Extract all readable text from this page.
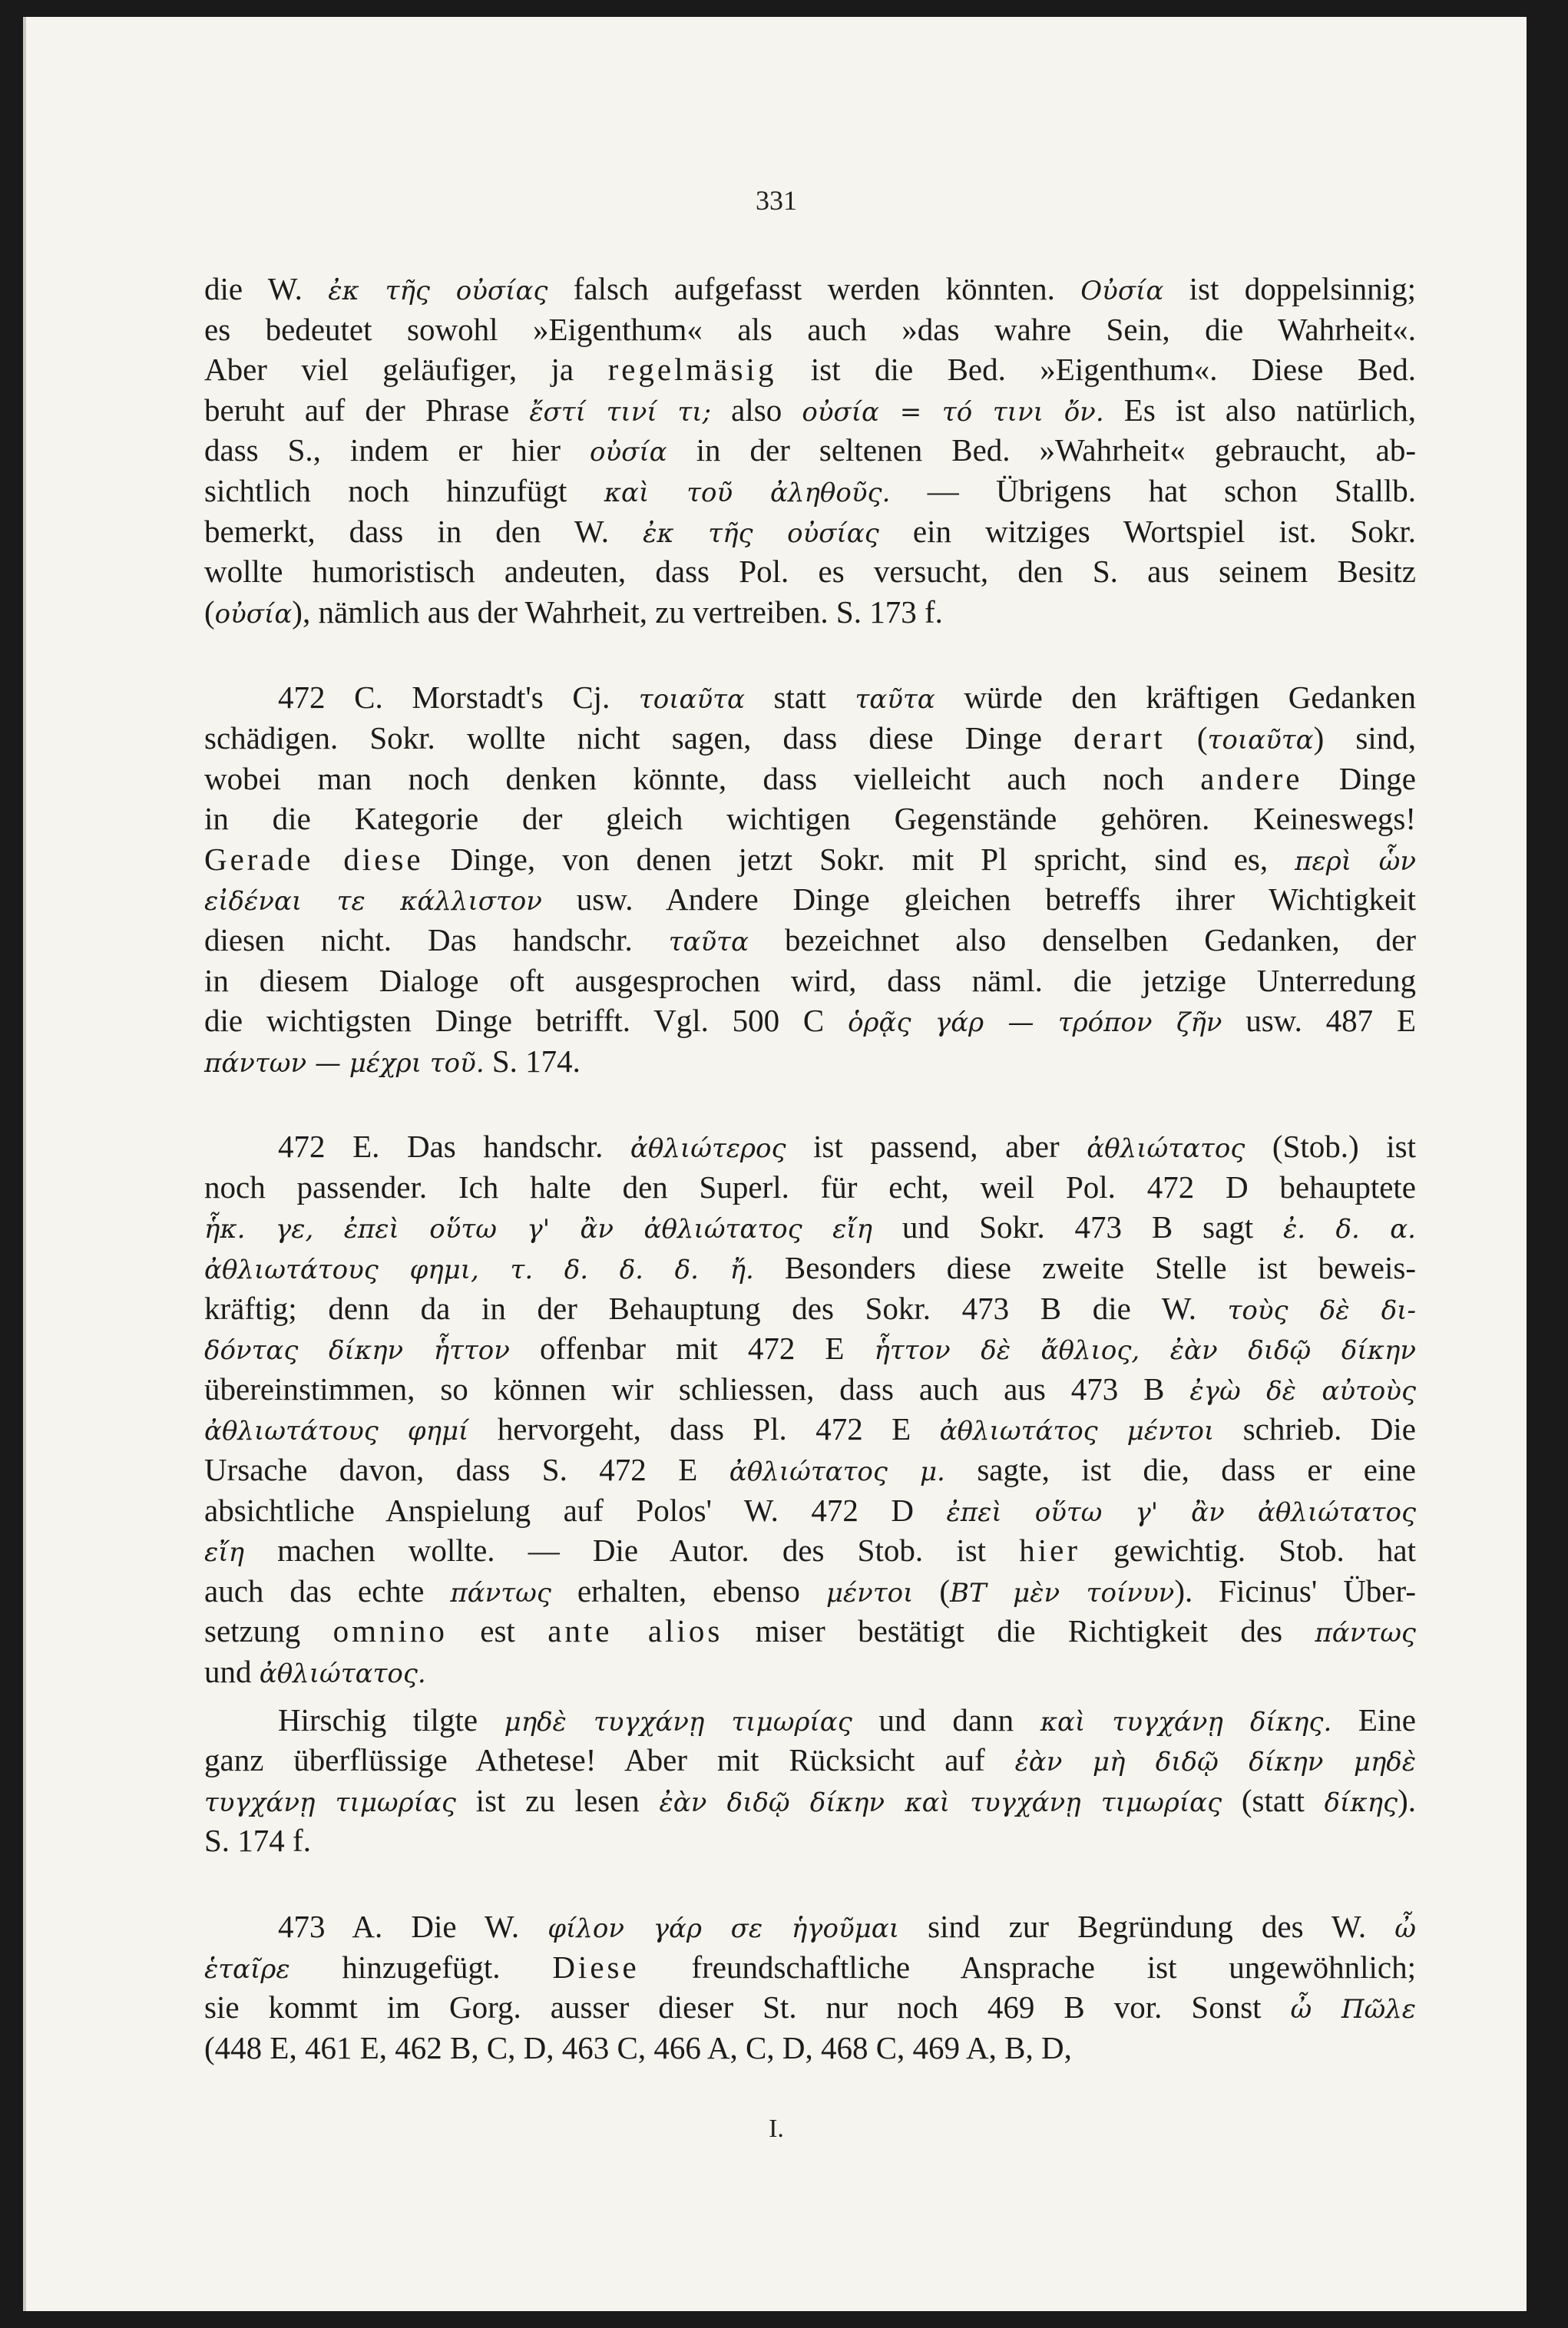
331
die W. ἐκ τῆς οὐσίας falsch aufgefasst werden könnten. Οὐσία ist doppelsinnig;
es bedeutet sowohl »Eigenthum« als auch »das wahre Sein, die Wahrheit«.
Aber viel geläufiger, ja regelmäsig ist die Bed. »Eigenthum«. Diese Bed.
beruht auf der Phrase ἔστί τινί τι; also οὐσία = τό τινι ὄν. Es ist also natürlich,
dass S., indem er hier οὐσία in der seltenen Bed. »Wahrheit« gebraucht, ab-
sichtlich noch hinzufügt καὶ τοῦ ἀληθοῦς. — Übrigens hat schon Stallb.
bemerkt, dass in den W. ἐκ τῆς οὐσίας ein witziges Wortspiel ist. Sokr.
wollte humoristisch andeuten, dass Pol. es versucht, den S. aus seinem Besitz
(οὐσία), nämlich aus der Wahrheit, zu vertreiben. S. 173 f.
472 C. Morstadt's Cj. τοιαῦτα statt ταῦτα würde den kräftigen Gedanken
schädigen. Sokr. wollte nicht sagen, dass diese Dinge derart (τοιαῦτα) sind,
wobei man noch denken könnte, dass vielleicht auch noch andere Dinge
in die Kategorie der gleich wichtigen Gegenstände gehören. Keineswegs!
Gerade diese Dinge, von denen jetzt Sokr. mit Pl spricht, sind es, περὶ ὧν
εἰδέναι τε κάλλιστον usw. Andere Dinge gleichen betreffs ihrer Wichtigkeit
diesen nicht. Das handschr. ταῦτα bezeichnet also denselben Gedanken, der
in diesem Dialoge oft ausgesprochen wird, dass näml. die jetzige Unterredung
die wichtigsten Dinge betrifft. Vgl. 500 C ὁρᾷς γάρ — τρόπον ζῆν usw. 487 E
πάντων — μέχρι τοῦ. S. 174.
472 E. Das handschr. ἀθλιώτερος ist passend, aber ἀθλιώτατος (Stob.) ist
noch passender. Ich halte den Superl. für echt, weil Pol. 472 D behauptete
ἧκ. γε, ἐπεὶ οὕτω γ' ἂν ἀθλιώτατος εἴη und Sokr. 473 B sagt ἐ. δ. α.
ἀθλιωτάτους φημι, τ. δ. δ. δ. ἤ. Besonders diese zweite Stelle ist beweis-
kräftig; denn da in der Behauptung des Sokr. 473 B die W. τοὺς δὲ δι-
δόντας δίκην ἧττον offenbar mit 472 E ἧττον δὲ ἄθλιος, ἐὰν διδῷ δίκην
übereinstimmen, so können wir schliessen, dass auch aus 473 B ἐγὼ δὲ αὐτοὺς
ἀθλιωτάτους φημί hervorgeht, dass Pl. 472 E ἀθλιωτάτος μέντοι schrieb. Die
Ursache davon, dass S. 472 E ἀθλιώτατος μ. sagte, ist die, dass er eine
absichtliche Anspielung auf Polos' W. 472 D ἐπεὶ οὕτω γ' ἂν ἀθλιώτατος
εἴη machen wollte. — Die Autor. des Stob. ist hier gewichtig. Stob. hat
auch das echte πάντως erhalten, ebenso μέντοι (BT μὲν τοίνυν). Ficinus' Über-
setzung omnino est ante alios miser bestätigt die Richtigkeit des πάντως
und ἀθλιώτατος.
Hirschig tilgte μηδὲ τυγχάνῃ τιμωρίας und dann καὶ τυγχάνῃ δίκης. Eine
ganz überflüssige Athetese! Aber mit Rücksicht auf ἐὰν μὴ διδῷ δίκην μηδὲ
τυγχάνῃ τιμωρίας ist zu lesen ἐὰν διδῷ δίκην καὶ τυγχάνῃ τιμωρίας (statt δίκης).
S. 174 f.
473 A. Die W. φίλον γάρ σε ἡγοῦμαι sind zur Begründung des W. ὦ
ἑταῖρε hinzugefügt. Diese freundschaftliche Ansprache ist ungewöhnlich;
sie kommt im Gorg. ausser dieser St. nur noch 469 B vor. Sonst ὦ Πῶλε
(448 E, 461 E, 462 B, C, D, 463 C, 466 A, C, D, 468 C, 469 A, B, D,
I.
